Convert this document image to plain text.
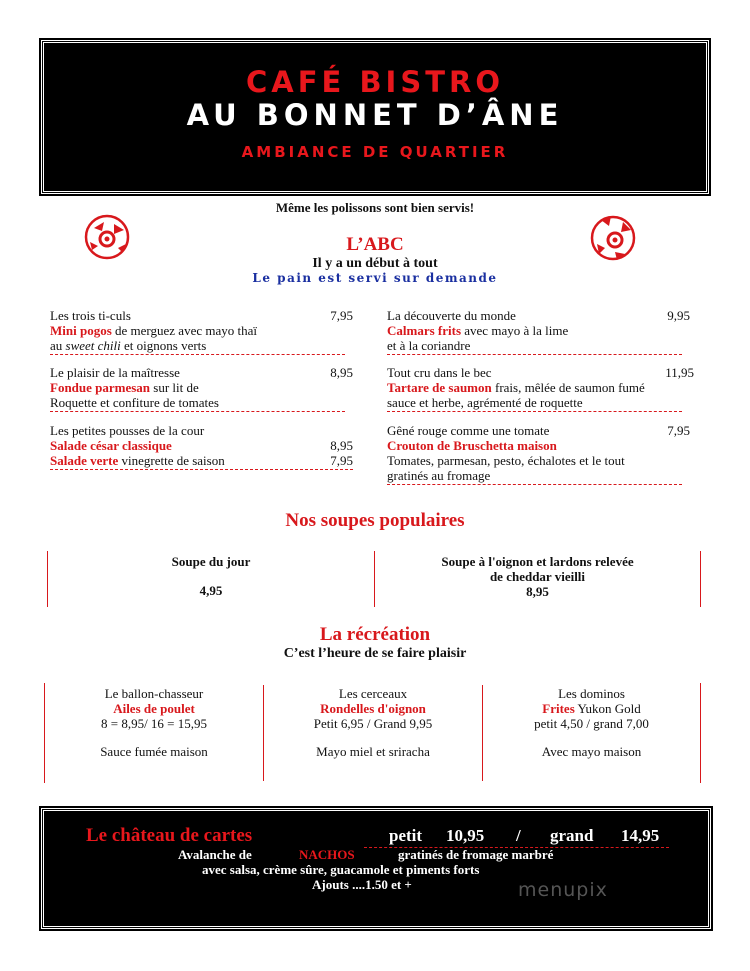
CAFÉ BISTRO
AU BONNET D’ÂNE
AMBIANCE DE QUARTIER
Même les polissons sont bien servis!
L’ABC
Il y a un début à tout
Le pain est servi sur demande
Les trois ti-culs	7,95
Mini pogos de merguez avec mayo thaï
au sweet chili et oignons verts
Le plaisir de la maîtresse	8,95
Fondue parmesan sur lit de
Roquette et confiture de tomates
Les petites pousses de la cour
Salade césar classique	8,95
Salade verte vinegrette de saison	7,95
La découverte du monde	9,95
Calmars frits avec mayo à la lime
et à la coriandre
Tout cru dans le bec	11,95
Tartare de saumon frais, mêlée de saumon fumé
sauce et herbe, agrémenté de roquette
Gêné rouge comme une tomate	7,95
Crouton de Bruschetta maison
Tomates, parmesan, pesto, échalotes et le tout
gratinés au fromage
Nos soupes populaires
Soupe du jour
4,95
Soupe à l'oignon et lardons relevée
de cheddar vieilli
8,95
La récréation
C’est l’heure de se faire plaisir
Le ballon-chasseur
Ailes de poulet
8 = 8,95/ 16 = 15,95
Sauce fumée maison
Les cerceaux
Rondelles d'oignon
Petit 6,95 / Grand 9,95
Mayo miel et sriracha
Les dominos
Frites Yukon Gold
petit 4,50 / grand 7,00
Avec mayo maison
Le château de cartes	petit 10,95 / grand 14,95
Avalanche de	NACHOS	gratinés de fromage marbré
avec salsa, crème sûre, guacamole et piments forts
Ajouts ....1.50 et +	menupix
